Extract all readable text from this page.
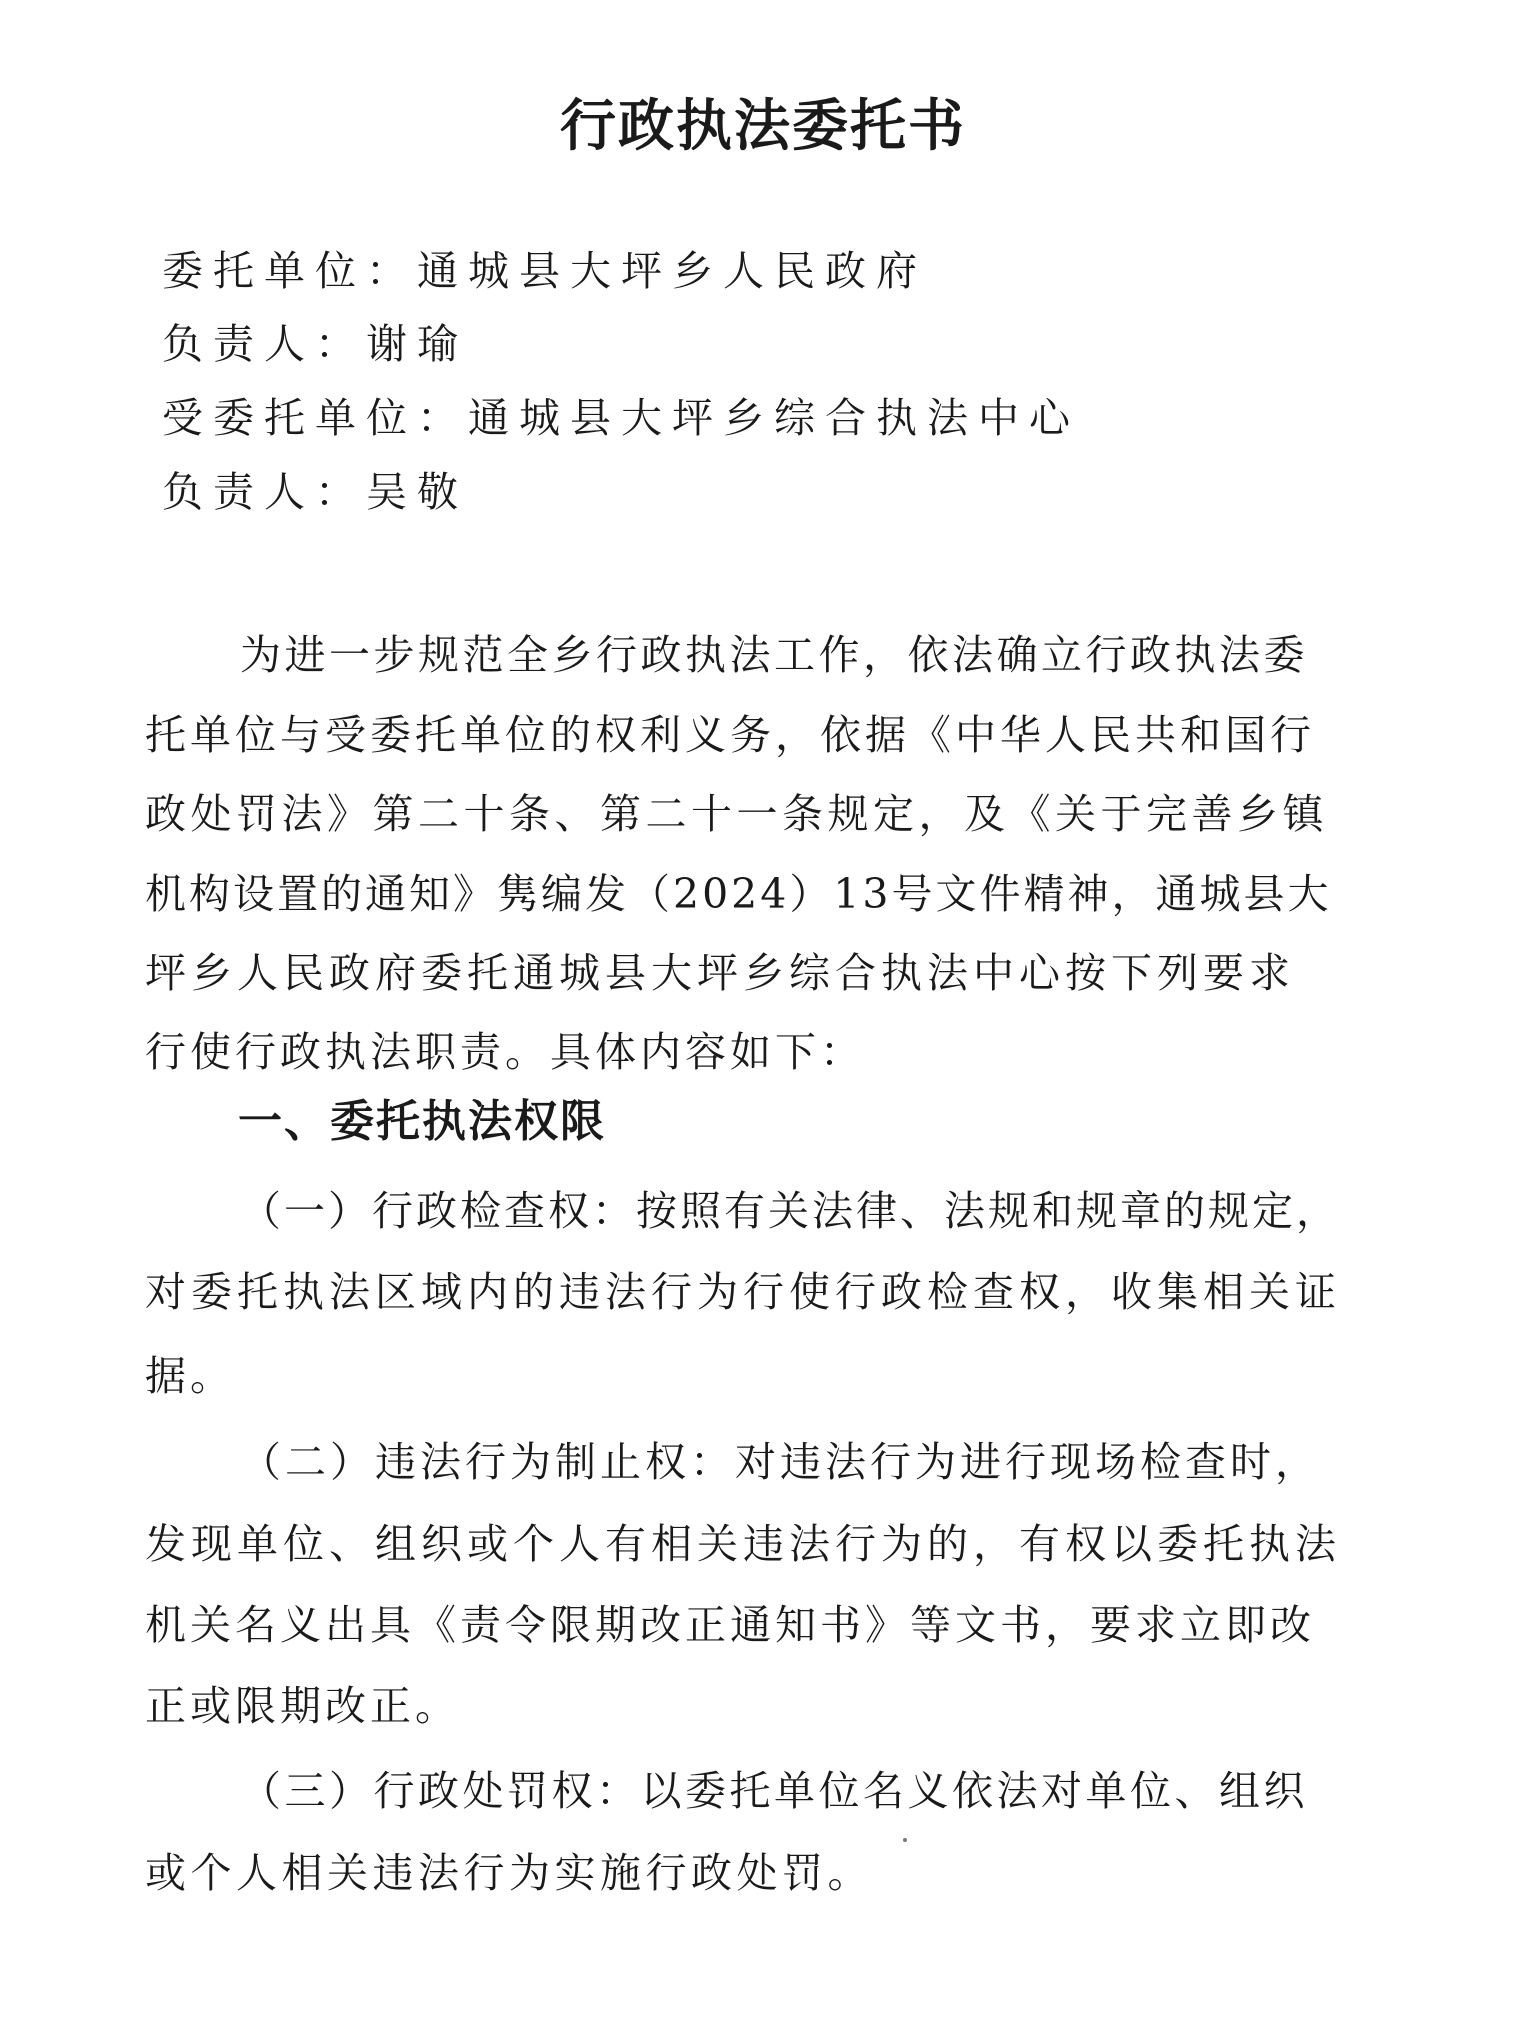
行政执法委托书
委托单位：通城县大坪乡人民政府
负责人：谢瑜
受委托单位：通城县大坪乡综合执法中心
负责人：吴敬
为进一步规范全乡行政执法工作，依法确立行政执法委
托单位与受委托单位的权利义务，依据《中华人民共和国行
政处罚法》第二十条、第二十一条规定，及《关于完善乡镇
机构设置的通知》隽编发（2024）13号文件精神，通城县大
坪乡人民政府委托通城县大坪乡综合执法中心按下列要求
行使行政执法职责。具体内容如下：
一、委托执法权限
（一）行政检查权：按照有关法律、法规和规章的规定，
对委托执法区域内的违法行为行使行政检查权，收集相关证
据。
（二）违法行为制止权：对违法行为进行现场检查时，
发现单位、组织或个人有相关违法行为的，有权以委托执法
机关名义出具《责令限期改正通知书》等文书，要求立即改
正或限期改正。
（三）行政处罚权：以委托单位名义依法对单位、组织
或个人相关违法行为实施行政处罚。
